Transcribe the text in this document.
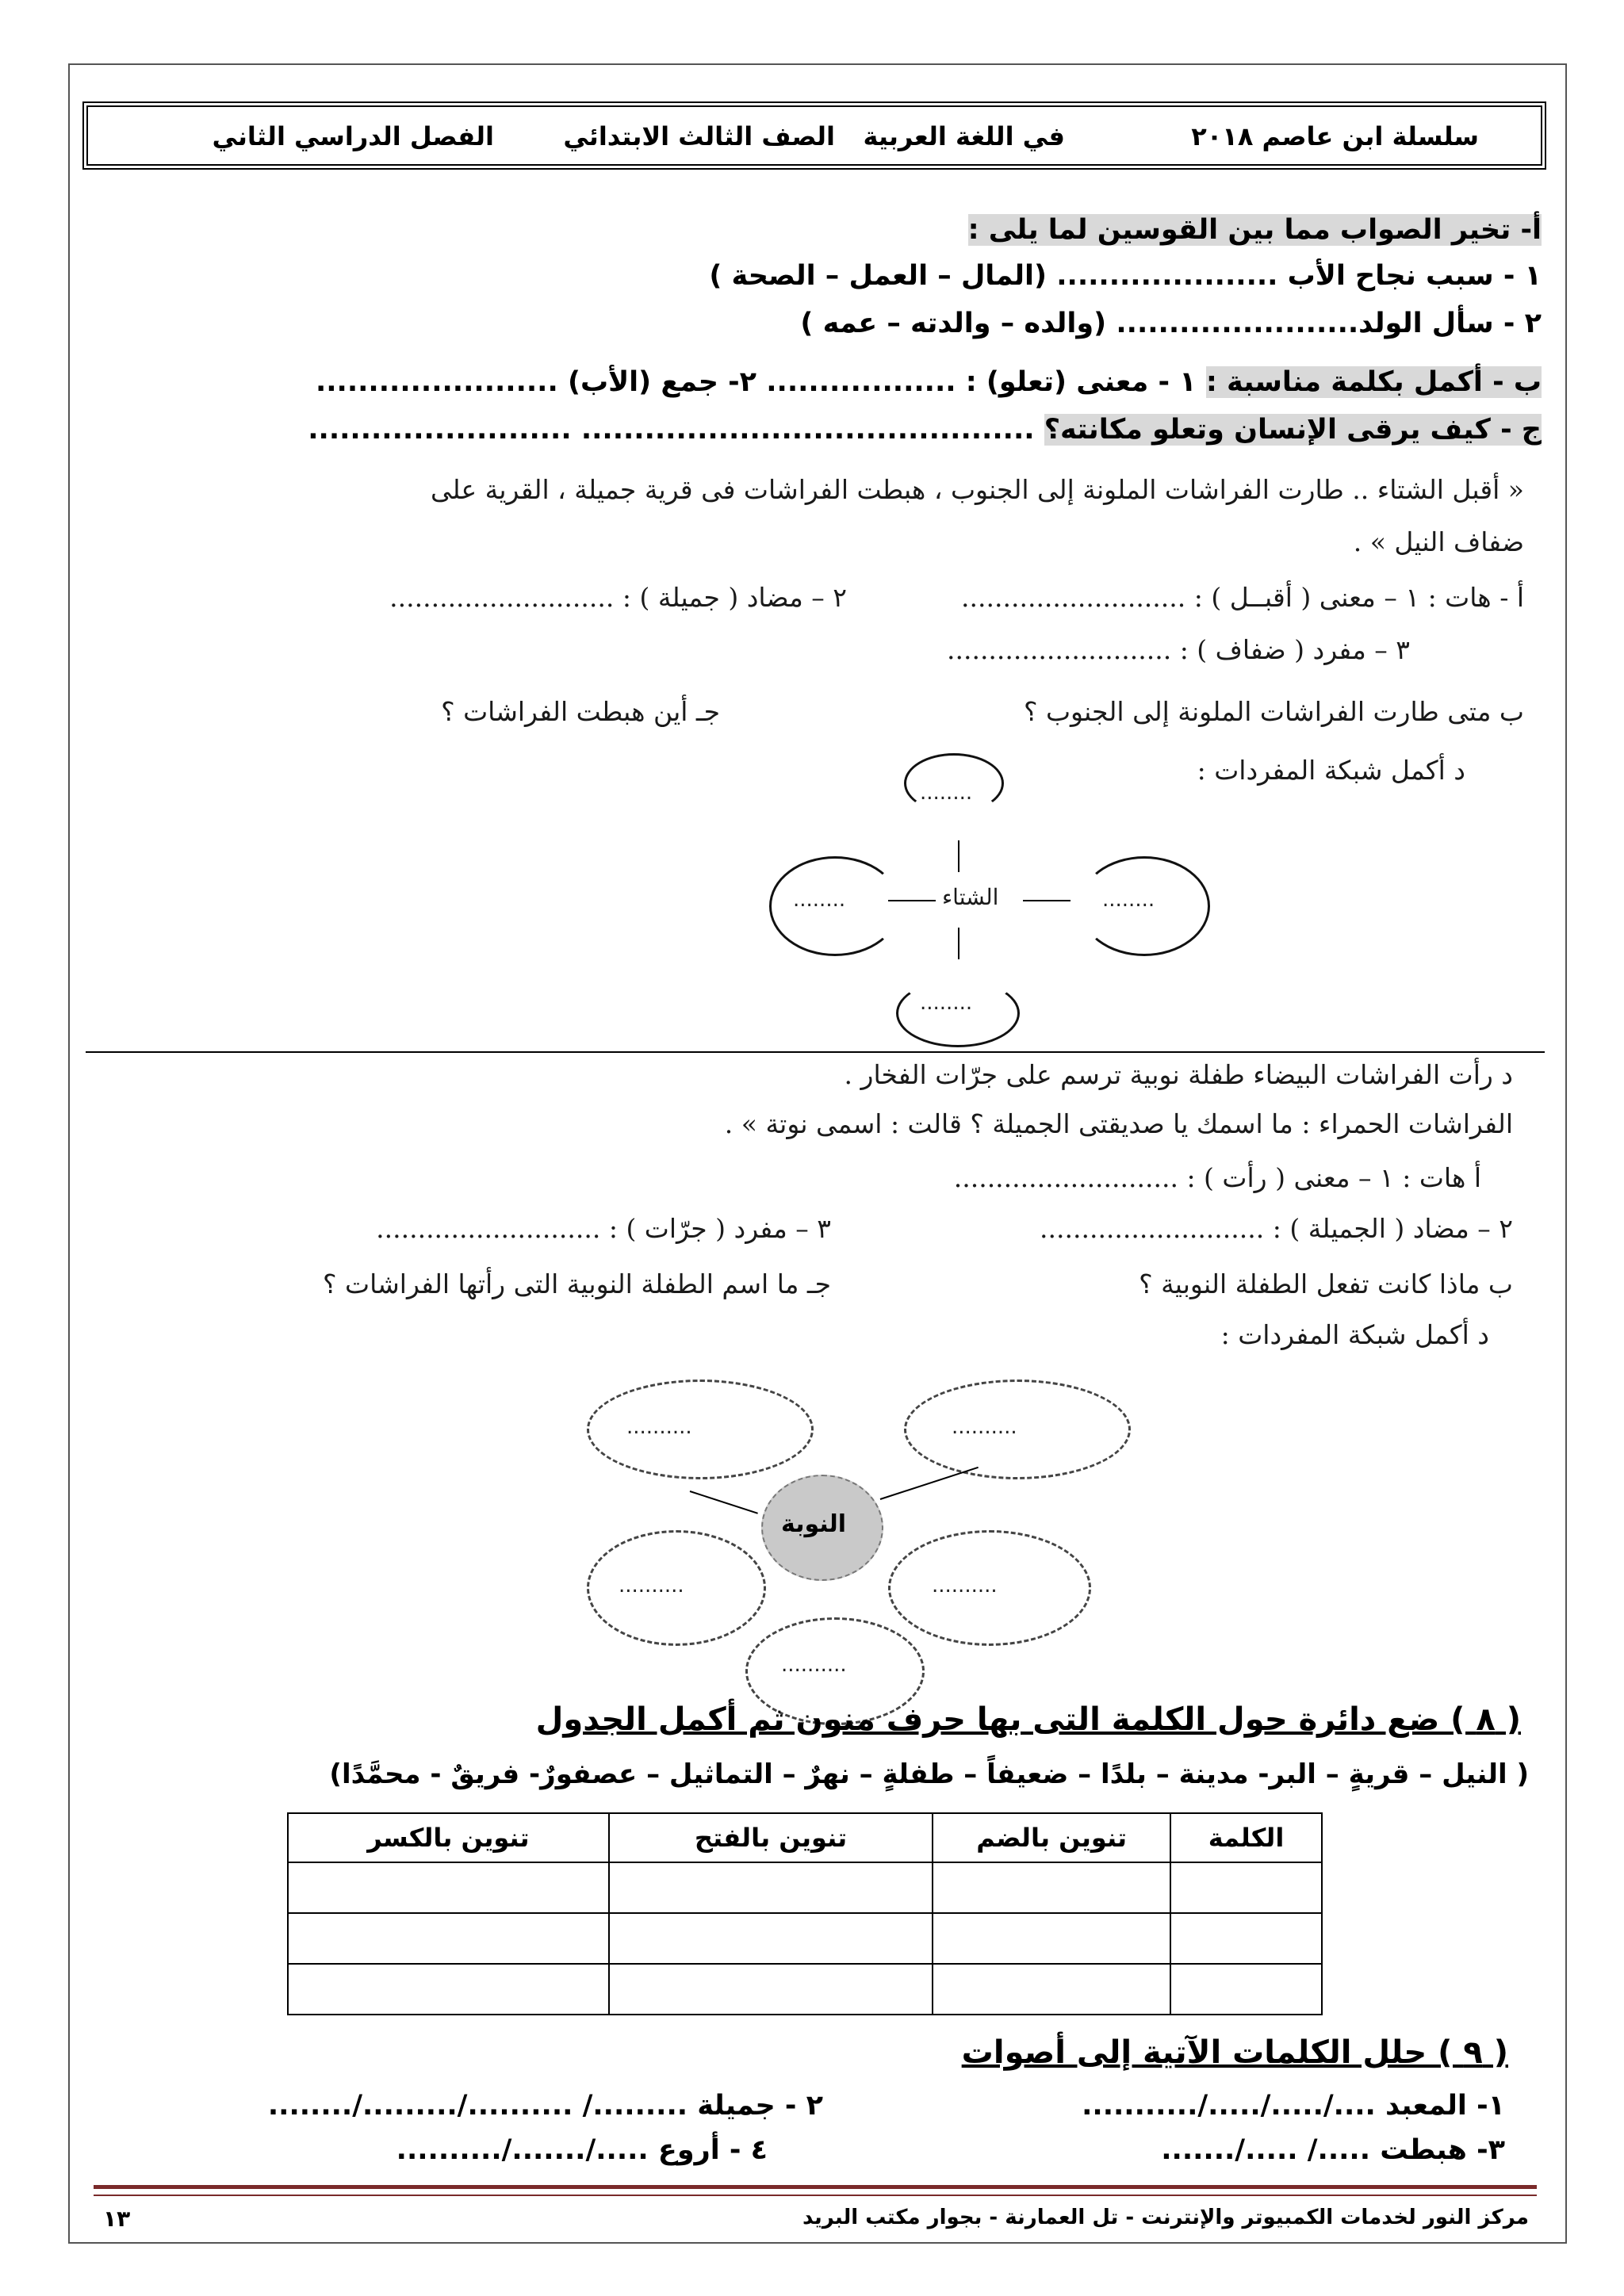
سلسلة ابن عاصم ٢٠١٨
في اللغة العربية
الصف الثالث الابتدائي
الفصل الدراسي الثاني
أ- تخير الصواب مما بين القوسين لما يلى :
١ - سبب نجاح الأب ..................... (المال – العمل – الصحة )
٢ - سأل الولد....................... (والده – والدته – عمه )
ب - أكمل بكلمة مناسبة : ١ - معنى (تعلو) : .................. ٢- جمع (الأب) .......................
ج - كيف يرقى الإنسان وتعلو مكانته؟ ........................................... .........................
« أقبل الشتاء .. طارت الفراشات الملونة إلى الجنوب ، هبطت الفراشات فى قرية جميلة ، القرية على
ضفاف النيل » .
أ - هات : ١ – معنى ( أقبــل ) : ...........................
٢ – مضاد ( جميلة ) : ...........................
٣ – مفرد ( ضفاف ) : ...........................
ب متى طارت الفراشات الملونة إلى الجنوب ؟
جـ أين هبطت الفراشات ؟
د أكمل شبكة المفردات :
........
........	........
الشتاء
........
د رأت الفراشات البيضاء طفلة نوبية ترسم على جرّات الفخار .
الفراشات الحمراء : ما اسمك يا صديقتى الجميلة ؟ قالت : اسمى نوتة » .
أ هات : ١ – معنى ( رأت ) : ...........................
٢ – مضاد ( الجميلة ) : ...........................
٣ – مفرد ( جرّات ) : ...........................
ب ماذا كانت تفعل الطفلة النوبية ؟
جـ ما اسم الطفلة النوبية التى رأتها الفراشات ؟
د أكمل شبكة المفردات :
..........	..........
النوبة
..........	..........
..........
( ٨ ) ضع دائرة حول الكلمة التى بها حرف منون ثم أكمل الجدول
( النيل – قريةٍ – البر- مدينة – بلدًا – ضعيفاً – طفلةٍ – نهرٌ – التماثيل – عصفورٌ- فريقٌ - محمَّدًا)
الكلمة	تنوين بالضم	تنوين بالفتح	تنوين بالكسر

( ٩ ) حلل الكلمات الآتية إلى أصوات
١- المعبد ..../...../...../...........
٢ - جميلة .........‏/ ........../........./........
٣- هبطت ...../ ...../.......
٤ - أروع ...../......./..........
مركز النور لخدمات الكمبيوتر والإنترنت - تل العمارنة - بجوار مكتب البريد
١٣
